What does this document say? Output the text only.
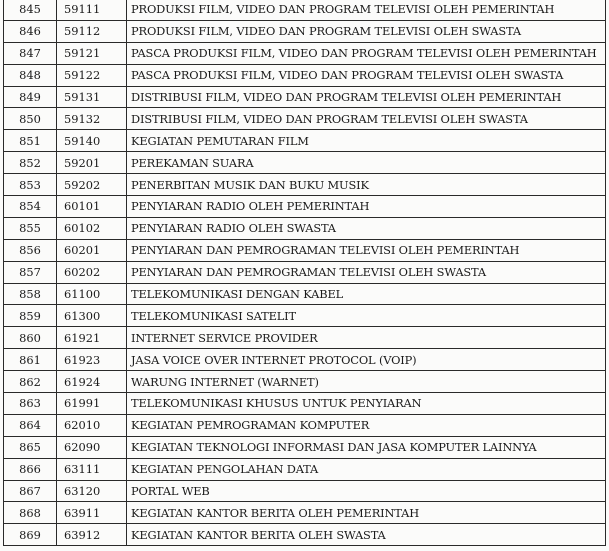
845	59111	PRODUKSI FILM, VIDEO DAN PROGRAM TELEVISI OLEH PEMERINTAH
846	59112	PRODUKSI FILM, VIDEO DAN PROGRAM TELEVISI OLEH SWASTA
847	59121	PASCA PRODUKSI FILM, VIDEO DAN PROGRAM TELEVISI OLEH PEMERINTAH
848	59122	PASCA PRODUKSI FILM, VIDEO DAN PROGRAM TELEVISI OLEH SWASTA
849	59131	DISTRIBUSI FILM, VIDEO DAN PROGRAM TELEVISI OLEH PEMERINTAH
850	59132	DISTRIBUSI FILM, VIDEO DAN PROGRAM TELEVISI OLEH SWASTA
851	59140	KEGIATAN PEMUTARAN FILM
852	59201	PEREKAMAN SUARA
853	59202	PENERBITAN MUSIK DAN BUKU MUSIK
854	60101	PENYIARAN RADIO OLEH PEMERINTAH
855	60102	PENYIARAN RADIO OLEH SWASTA
856	60201	PENYIARAN DAN PEMROGRAMAN TELEVISI OLEH PEMERINTAH
857	60202	PENYIARAN DAN PEMROGRAMAN TELEVISI OLEH SWASTA
858	61100	TELEKOMUNIKASI DENGAN KABEL
859	61300	TELEKOMUNIKASI SATELIT
860	61921	INTERNET SERVICE PROVIDER
861	61923	JASA VOICE OVER INTERNET PROTOCOL (VOIP)
862	61924	WARUNG INTERNET (WARNET)
863	61991	TELEKOMUNIKASI KHUSUS UNTUK PENYIARAN
864	62010	KEGIATAN PEMROGRAMAN KOMPUTER
865	62090	KEGIATAN TEKNOLOGI INFORMASI DAN JASA KOMPUTER LAINNYA
866	63111	KEGIATAN PENGOLAHAN DATA
867	63120	PORTAL WEB
868	63911	KEGIATAN KANTOR BERITA OLEH PEMERINTAH
869	63912	KEGIATAN KANTOR BERITA OLEH SWASTA
